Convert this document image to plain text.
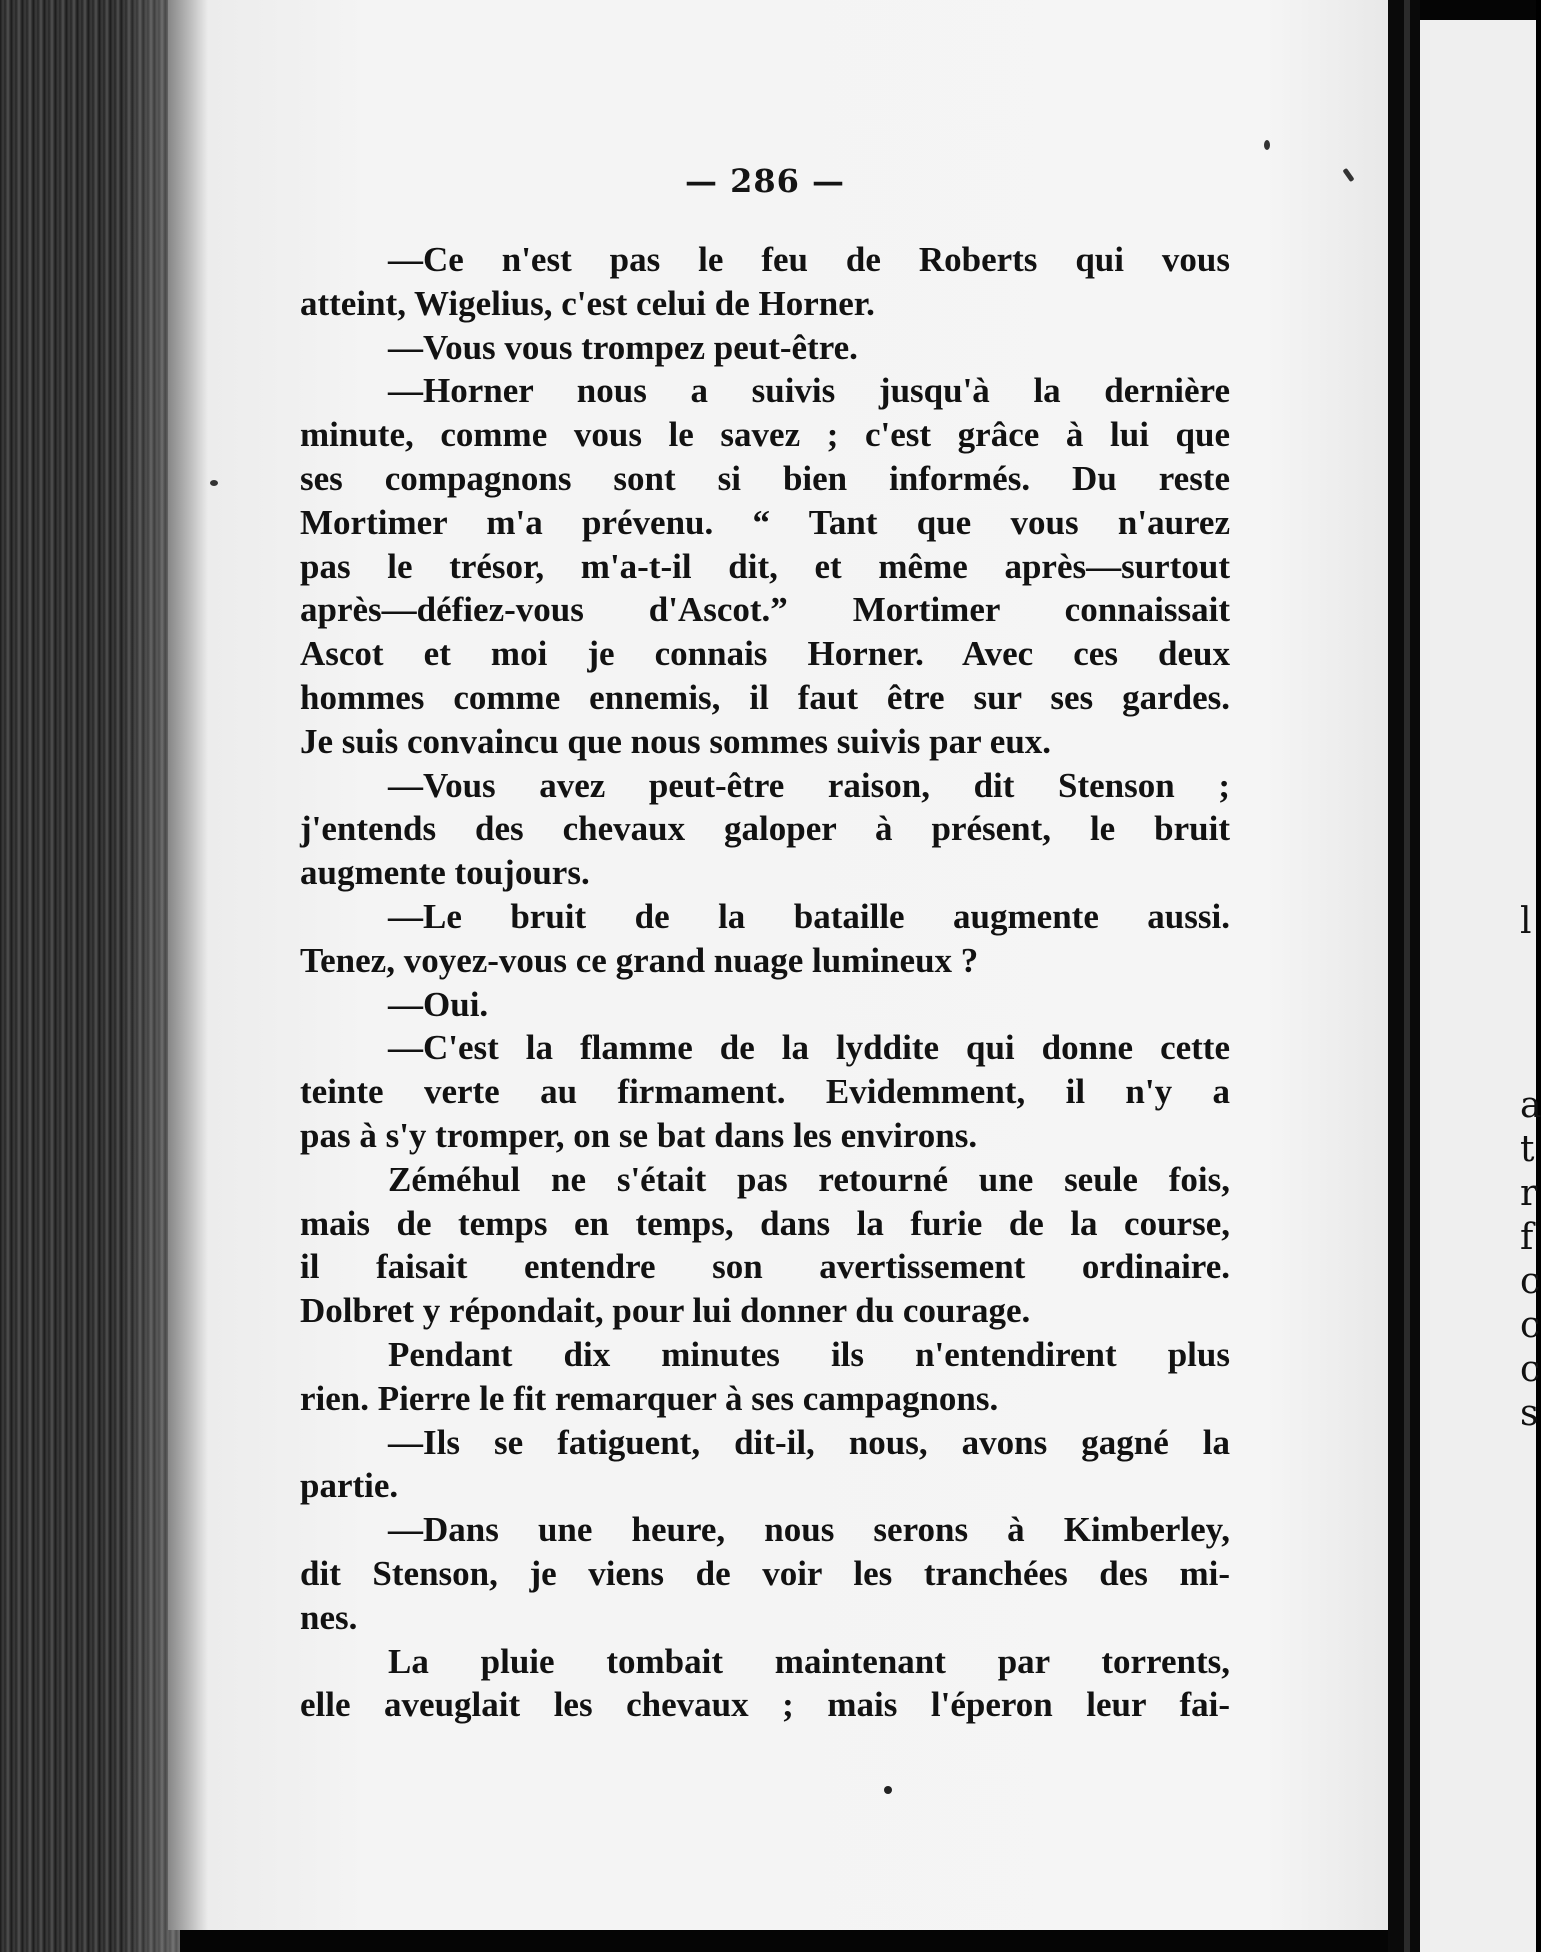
l
a
t
r
f
c
c
c
s
— 286 —
—Ce n'est pas le feu de Roberts qui vous
atteint, Wigelius, c'est celui de Horner.
—Vous vous trompez peut-être.
—Horner nous a suivis jusqu'à la dernière
minute, comme vous le savez ; c'est grâce à lui que
ses compagnons sont si bien informés. Du reste
Mortimer m'a prévenu. “ Tant que vous n'aurez
pas le trésor, m'a-t-il dit, et même après—surtout
après—défiez-vous d'Ascot.” Mortimer connaissait
Ascot et moi je connais Horner. Avec ces deux
hommes comme ennemis, il faut être sur ses gardes.
Je suis convaincu que nous sommes suivis par eux.
—Vous avez peut-être raison, dit Stenson ;
j'entends des chevaux galoper à présent, le bruit
augmente toujours.
—Le bruit de la bataille augmente aussi.
Tenez, voyez-vous ce grand nuage lumineux ?
—Oui.
—C'est la flamme de la lyddite qui donne cette
teinte verte au firmament. Evidemment, il n'y a
pas à s'y tromper, on se bat dans les environs.
Zéméhul ne s'était pas retourné une seule fois,
mais de temps en temps, dans la furie de la course,
il faisait entendre son avertissement ordinaire.
Dolbret y répondait, pour lui donner du courage.
Pendant dix minutes ils n'entendirent plus
rien. Pierre le fit remarquer à ses campagnons.
—Ils se fatiguent, dit-il, nous, avons gagné la
partie.
—Dans une heure, nous serons à Kimberley,
dit Stenson, je viens de voir les tranchées des mi-
nes.
La pluie tombait maintenant par torrents,
elle aveuglait les chevaux ; mais l'éperon leur fai-
